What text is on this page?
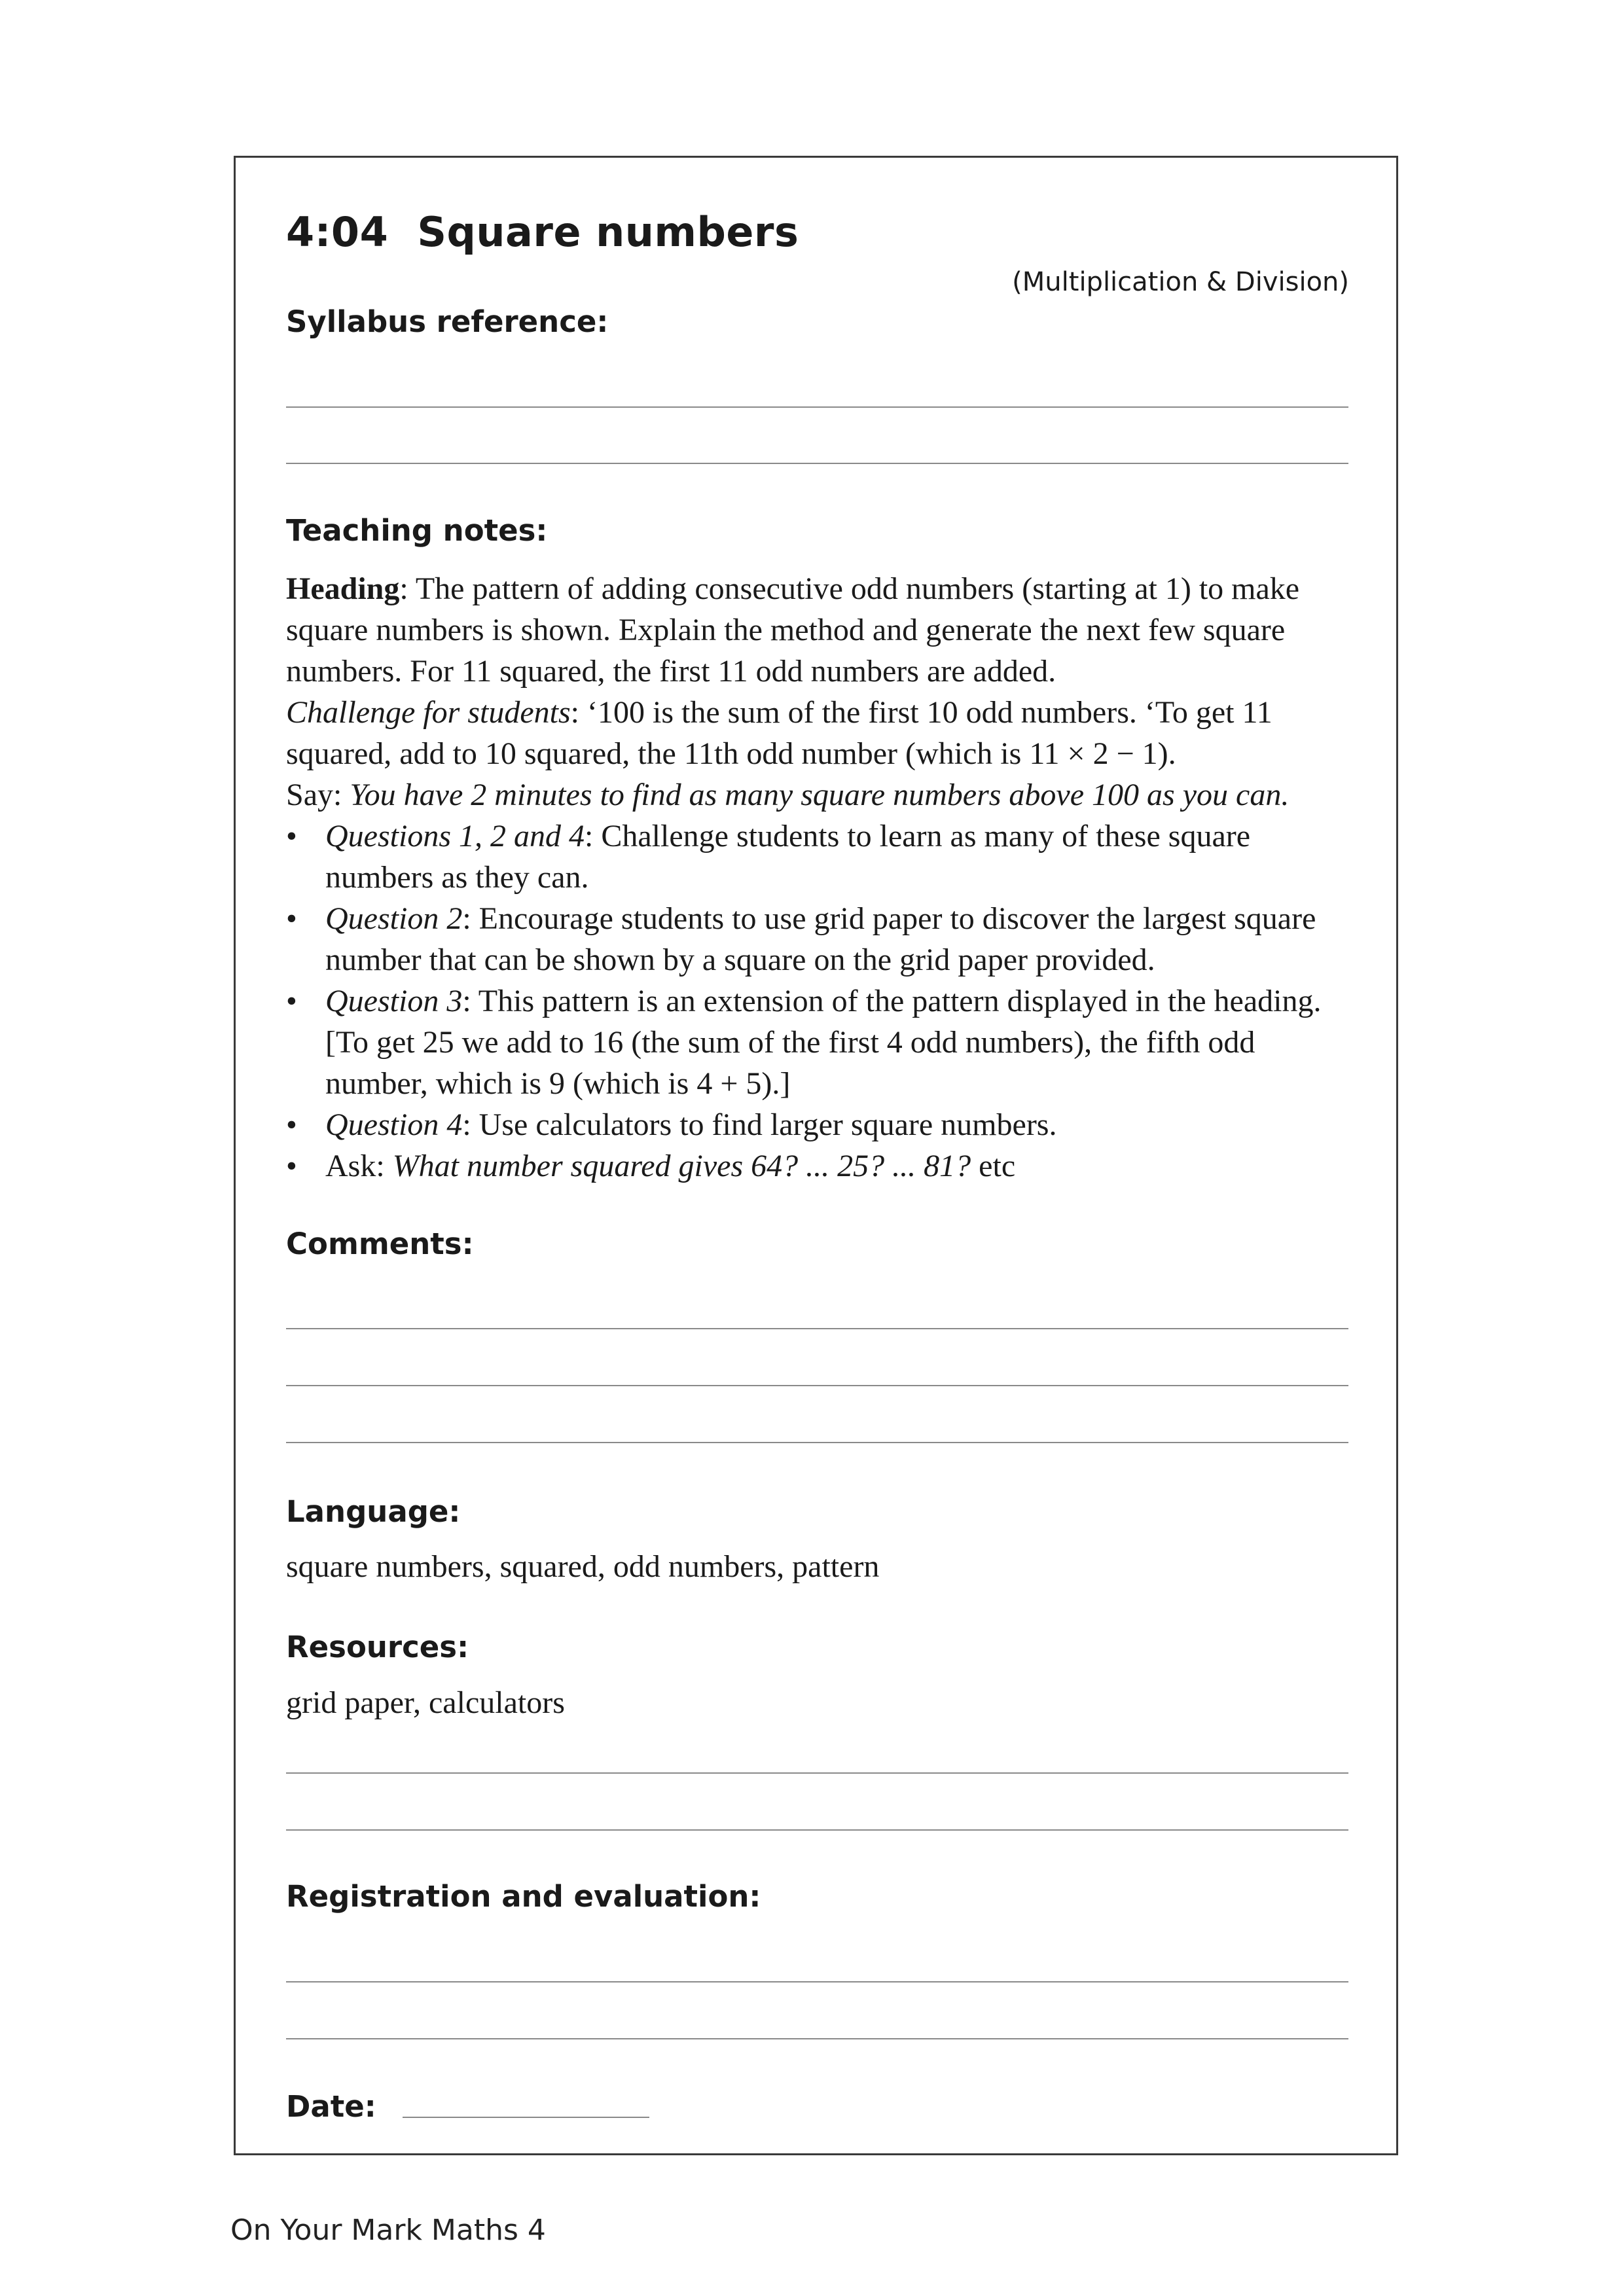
4:04  Square numbers
(Multiplication & Division)
Syllabus reference:
Teaching notes:

Heading: The pattern of adding consecutive odd numbers (starting at 1) to make square numbers is shown. Explain the method and generate the next few square numbers. For 11 squared, the first 11 odd numbers are added.

Challenge for students: ‘100 is the sum of the first 10 odd numbers. ‘To get 11 squared, add to 10 squared, the 11th odd number (which is 11 × 2 − 1).

Say: You have 2 minutes to find as many square numbers above 100 as you can.

• Questions 1, 2 and 4: Challenge students to learn as many of these square numbers as they can.
• Question 2: Encourage students to use grid paper to discover the largest square number that can be shown by a square on the grid paper provided.
• Question 3: This pattern is an extension of the pattern displayed in the heading. [To get 25 we add to 16 (the sum of the first 4 odd numbers), the fifth odd number, which is 9 (which is 4 + 5).]
• Question 4: Use calculators to find larger square numbers.
• Ask: What number squared gives 64? ... 25? ... 81? etc
Comments:
Language:
square numbers, squared, odd numbers, pattern
Resources:
grid paper, calculators
Registration and evaluation:
Date:
On Your Mark Maths 4
